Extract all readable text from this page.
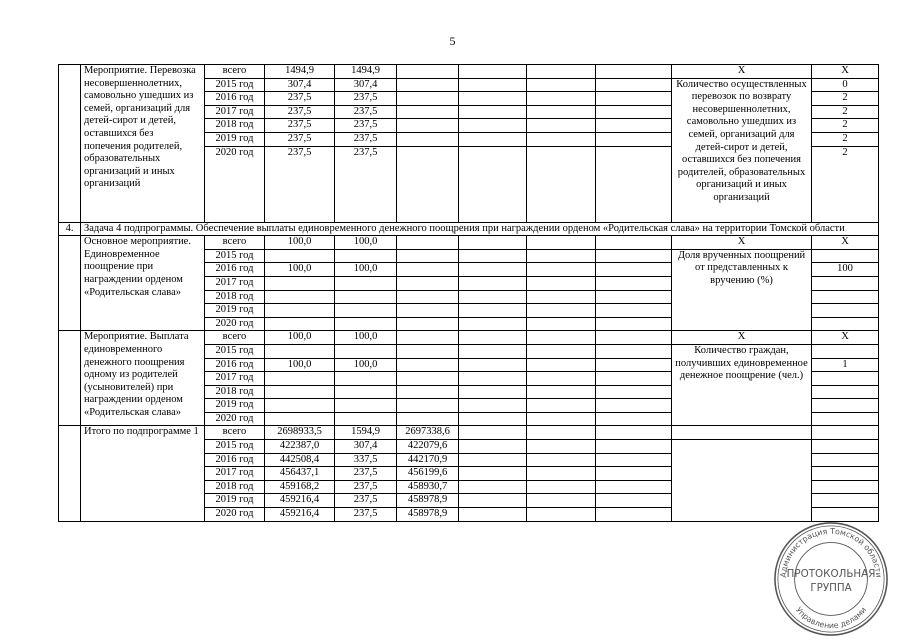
5
	Мероприятие. Перевозка несовершеннолетних, самовольно ушедших из семей, организаций для детей-сирот и детей, оставшихся без попечения родителей, образовательных организаций и иных организаций	всего	1494,9	1494,9					Х	Х
		2015 год	307,4	307,4					Количество осуществленных перевозок по возврату несовершеннолетних, самовольно ушедших из семей, организаций для детей-сирот и детей, оставшихся без попечения родителей, образовательных организаций и иных организаций	0
		2016 год	237,5	237,5						2
		2017 год	237,5	237,5						2
		2018 год	237,5	237,5						2
		2019 год	237,5	237,5						2
		2020 год	237,5	237,5						2
4.	Задача 4 подпрограммы. Обеспечение выплаты единовременного денежного поощрения при награждении орденом «Родительская слава» на территории Томской области									
	Основное мероприятие. Единовременное поощрение при награждении орденом «Родительская слава»	всего	100,0	100,0					Х	Х
		2015 год							Доля врученных поощрений от представленных к вручению (%)	
		2016 год	100,0	100,0						100
		2017 год								
		2018 год								
		2019 год								
		2020 год								
	Мероприятие. Выплата единовременного денежного поощрения одному из родителей (усыновителей) при награждении орденом «Родительская слава»	всего	100,0	100,0					Х	Х
		2015 год							Количество граждан, получивших единовременное денежное поощрение (чел.)	
		2016 год	100,0	100,0						1
		2017 год								
		2018 год								
		2019 год								
		2020 год								
	Итого по подпрограмме 1	всего	2698933,5	1594,9	2697338,6					
		2015 год	422387,0	307,4	422079,6					
		2016 год	442508,4	337,5	442170,9					
		2017 год	456437,1	237,5	456199,6					
		2018 год	459168,2	237,5	458930,7					
		2019 год	459216,4	237,5	458978,9					
		2020 год	459216,4	237,5	458978,9					
Администрация Томской области
Управление делами
ПРОТОКОЛЬНАЯ
ГРУППА
